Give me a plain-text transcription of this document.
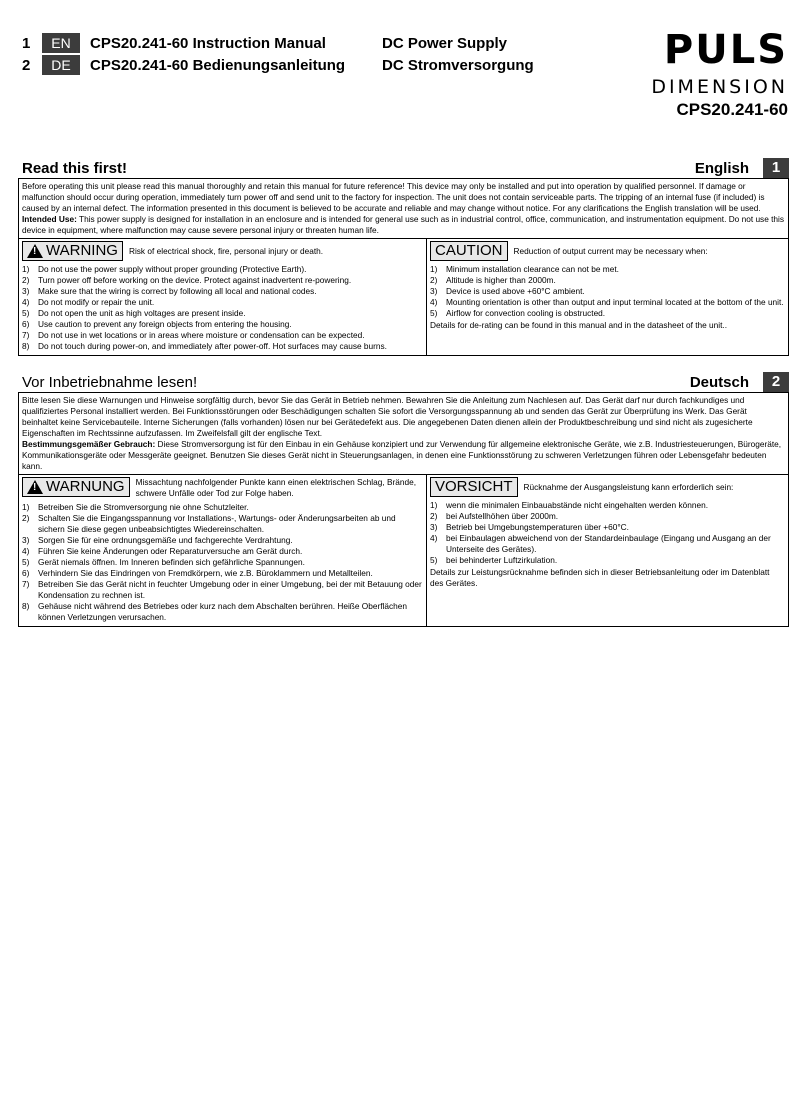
1	EN	CPS20.241-60 Instruction Manual	DC Power Supply
2	DE	CPS20.241-60 Bedienungsanleitung	DC Stromversorgung	PULS
DIMENSION
CPS20.241-60
Read this first!	English	1

Before operating this unit please read this manual thoroughly and retain this manual for future reference! This device may only be installed and put into operation by qualified personnel. If damage or malfunction should occur during operation, immediately turn power off and send unit to the factory for inspection. The unit does not contain serviceable parts. The tripping of an internal fuse (if included) is caused by an internal defect. The information presented in this document is believed to be accurate and reliable and may change without notice. For any clarifications the English translation will be used.

Intended Use: This power supply is designed for installation in an enclosure and is intended for general use such as in industrial control, office, communication, and instrumentation equipment. Do not use this device in equipment, where malfunction may cause severe personal injury or threaten human life.

! WARNING Risk of electrical shock, fire, personal injury or death.
1)	Do not use the power supply without proper grounding (Protective Earth).
2)	Turn power off before working on the device. Protect against inadvertent re-powering.
3)	Make sure that the wiring is correct by following all local and national codes.
4)	Do not modify or repair the unit.
5)	Do not open the unit as high voltages are present inside.
6)	Use caution to prevent any foreign objects from entering the housing.
7)	Do not use in wet locations or in areas where moisture or condensation can be expected.
8)	Do not touch during power-on, and immediately after power-off. Hot surfaces may cause burns.
CAUTION Reduction of output current may be necessary when:
1)	Minimum installation clearance can not be met.
2)	Altitude is higher than 2000m.
3)	Device is used above +60°C ambient.
4)	Mounting orientation is other than output and input terminal located at the bottom of the unit.
5)	Airflow for convection cooling is obstructed.
Details for de-rating can be found in this manual and in the datasheet of the unit..
Vor Inbetriebnahme lesen!	Deutsch	2

Bitte lesen Sie diese Warnungen und Hinweise sorgfältig durch, bevor Sie das Gerät in Betrieb nehmen. Bewahren Sie die Anleitung zum Nachlesen auf. Das Gerät darf nur durch fachkundiges und qualifiziertes Personal installiert werden. Bei Funktionsstörungen oder Beschädigungen schalten Sie sofort die Versorgungsspannung ab und senden das Gerät zur Überprüfung ins Werk. Das Gerät beinhaltet keine Servicebauteile. Interne Sicherungen (falls vorhanden) lösen nur bei Gerätedefekt aus. Die angegebenen Daten dienen allein der Produktbeschreibung und sind nicht als zugesicherte Eigenschaften im Rechtssinne aufzufassen. Im Zweifelsfall gilt der englische Text.

Bestimmungsgemäßer Gebrauch: Diese Stromversorgung ist für den Einbau in ein Gehäuse konzipiert und zur Verwendung für allgemeine elektronische Geräte, wie z.B. Industriesteuerungen, Bürogeräte, Kommunikationsgeräte oder Messgeräte geeignet. Benutzen Sie dieses Gerät nicht in Steuerungsanlagen, in denen eine Funktionsstörung zu schweren Verletzungen führen oder Lebensgefahr bedeuten kann.

! WARNUNG Missachtung nachfolgender Punkte kann einen elektrischen Schlag, Brände, schwere Unfälle oder Tod zur Folge haben.
1)	Betreiben Sie die Stromversorgung nie ohne Schutzleiter.
2)	Schalten Sie die Eingangsspannung vor Installations-, Wartungs- oder Änderungsarbeiten ab und sichern Sie diese gegen unbeabsichtigtes Wiedereinschalten.
3)	Sorgen Sie für eine ordnungsgemäße und fachgerechte Verdrahtung.
4)	Führen Sie keine Änderungen oder Reparaturversuche am Gerät durch.
5)	Gerät niemals öffnen. Im Inneren befinden sich gefährliche Spannungen.
6)	Verhindern Sie das Eindringen von Fremdkörpern, wie z.B. Büroklammern und Metallteilen.
7)	Betreiben Sie das Gerät nicht in feuchter Umgebung oder in einer Umgebung, bei der mit Betauung oder Kondensation zu rechnen ist.
8)	Gehäuse nicht während des Betriebes oder kurz nach dem Abschalten berühren. Heiße Oberflächen können Verletzungen verursachen.
VORSICHT Rücknahme der Ausgangsleistung kann erforderlich sein:
1)	wenn die minimalen Einbauabstände nicht eingehalten werden können.
2)	bei Aufstellhöhen über 2000m.
3)	Betrieb bei Umgebungstemperaturen über +60°C.
4)	bei Einbaulagen abweichend von der Standardeinbaulage (Eingang und Ausgang an der Unterseite des Gerätes).
5)	bei behinderter Luftzirkulation.
Details zur Leistungsrücknahme befinden sich in dieser Betriebsanleitung oder im Datenblatt des Gerätes.
